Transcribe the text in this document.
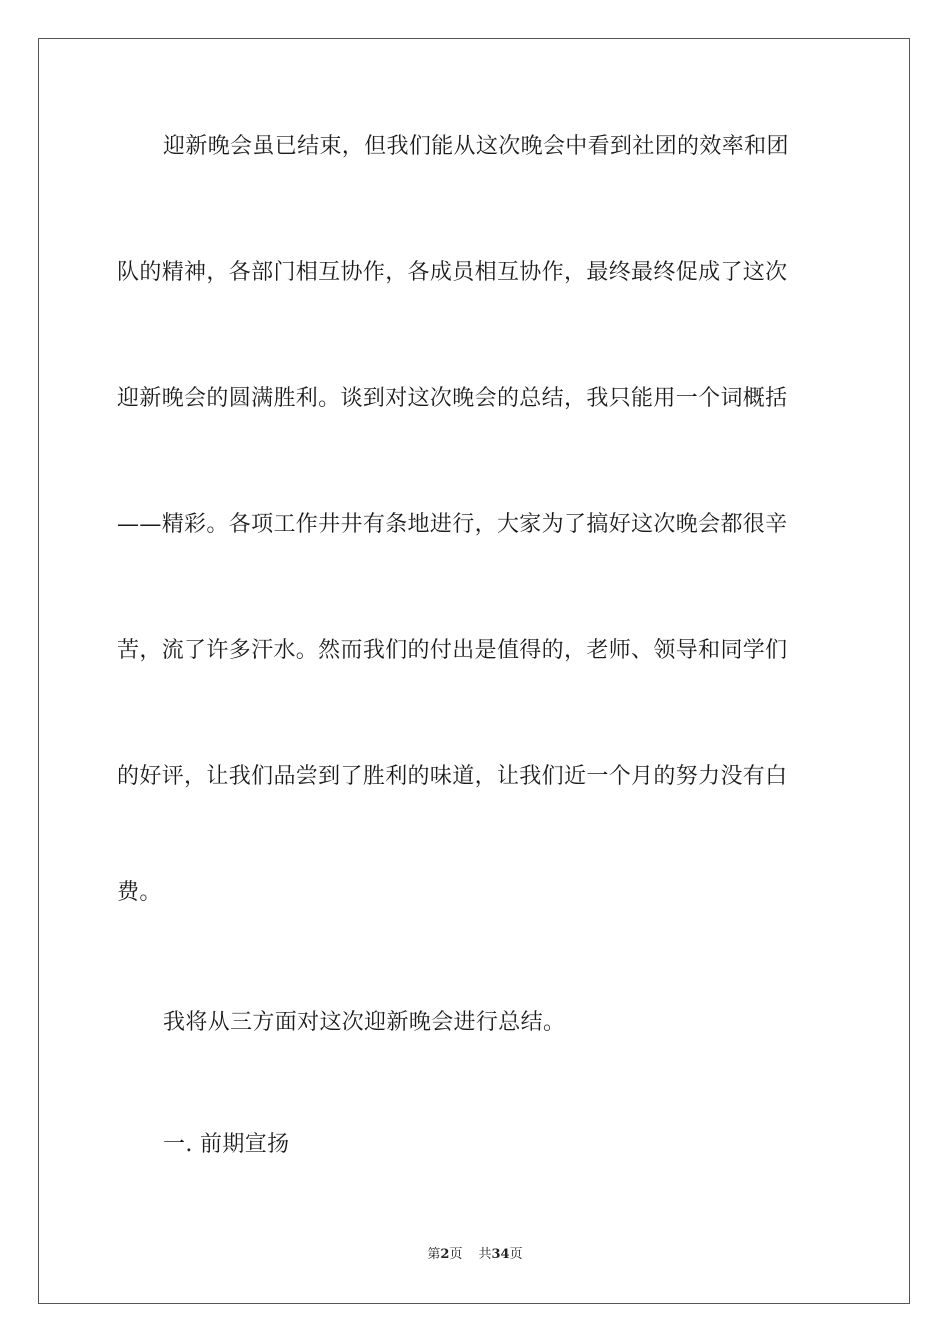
迎新晚会虽已结束，但我们能从这次晚会中看到社团的效率和团
队的精神，各部门相互协作，各成员相互协作，最终最终促成了这次
迎新晚会的圆满胜利。谈到对这次晚会的总结，我只能用一个词概括
——精彩。各项工作井井有条地进行，大家为了搞好这次晚会都很辛
苦，流了许多汗水。然而我们的付出是值得的，老师、领导和同学们
的好评，让我们品尝到了胜利的味道，让我们近一个月的努力没有白
费。
我将从三方面对这次迎新晚会进行总结。
一. 前期宣扬
第2页 共34页
